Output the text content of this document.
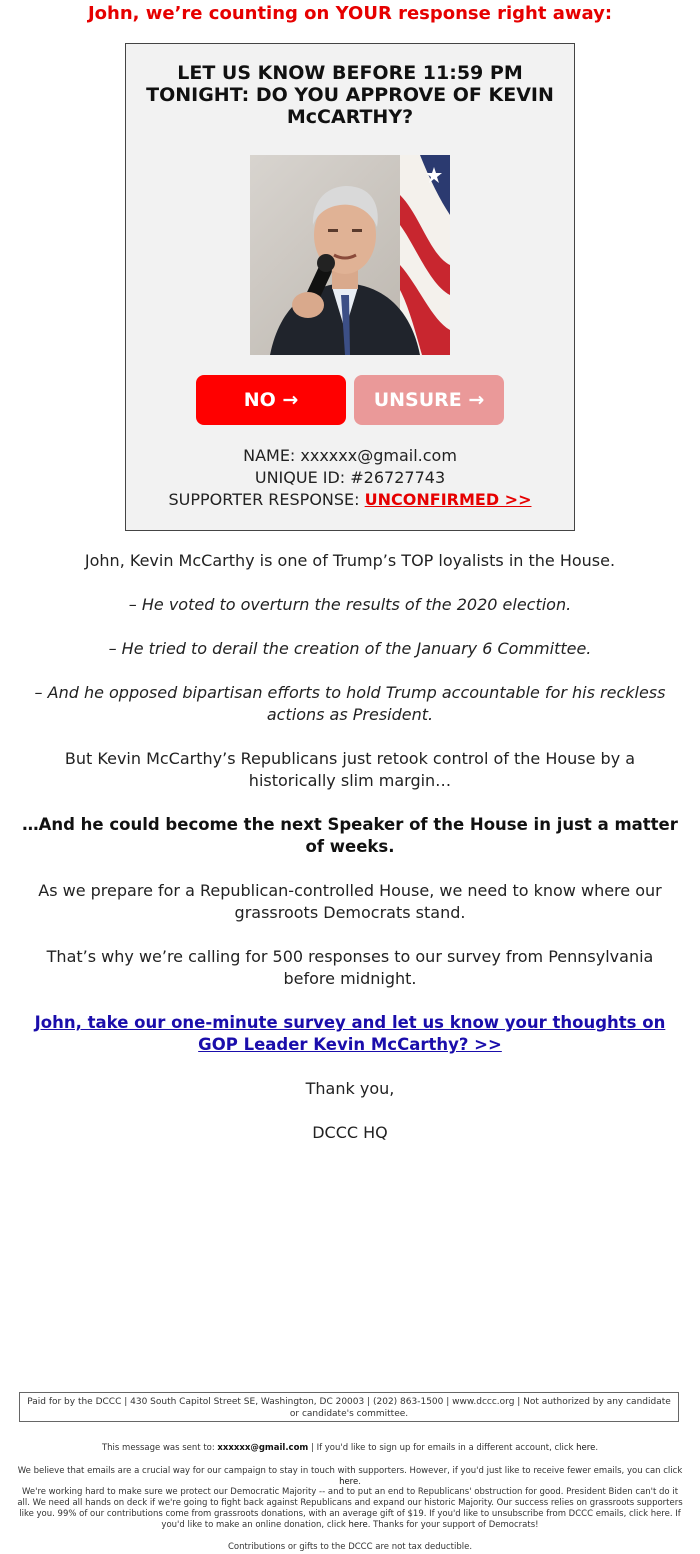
John, we’re counting on YOUR response right away:
LET US KNOW BEFORE 11:59 PM TONIGHT: DO YOU APPROVE OF KEVIN McCARTHY?
NO →	UNSURE →
NAME: xxxxxx@gmail.com
UNIQUE ID: #26727743
SUPPORTER RESPONSE: UNCONFIRMED >>
John, Kevin McCarthy is one of Trump’s TOP loyalists in the House.
– He voted to overturn the results of the 2020 election.
– He tried to derail the creation of the January 6 Committee.
– And he opposed bipartisan efforts to hold Trump accountable for his reckless actions as President.
But Kevin McCarthy’s Republicans just retook control of the House by a historically slim margin…
…And he could become the next Speaker of the House in just a matter of weeks.
As we prepare for a Republican-controlled House, we need to know where our grassroots Democrats stand.
That’s why we’re calling for 500 responses to our survey from Pennsylvania before midnight.
John, take our one-minute survey and let us know your thoughts on GOP Leader Kevin McCarthy? >>
Thank you,
DCCC HQ
Paid for by the DCCC | 430 South Capitol Street SE, Washington, DC 20003 | (202) 863-1500 | www.dccc.org | Not authorized by any candidate or candidate's committee.
This message was sent to: xxxxxx@gmail.com | If you'd like to sign up for emails in a different account, click here.
We believe that emails are a crucial way for our campaign to stay in touch with supporters. However, if you'd just like to receive fewer emails, you can click here.
We're working hard to make sure we protect our Democratic Majority -- and to put an end to Republicans' obstruction for good. President Biden can't do it all. We need all hands on deck if we're going to fight back against Republicans and expand our historic Majority. Our success relies on grassroots supporters like you. 99% of our contributions come from grassroots donations, with an average gift of $19. If you'd like to unsubscribe from DCCC emails, click here. If you'd like to make an online donation, click here. Thanks for your support of Democrats!
Contributions or gifts to the DCCC are not tax deductible.
